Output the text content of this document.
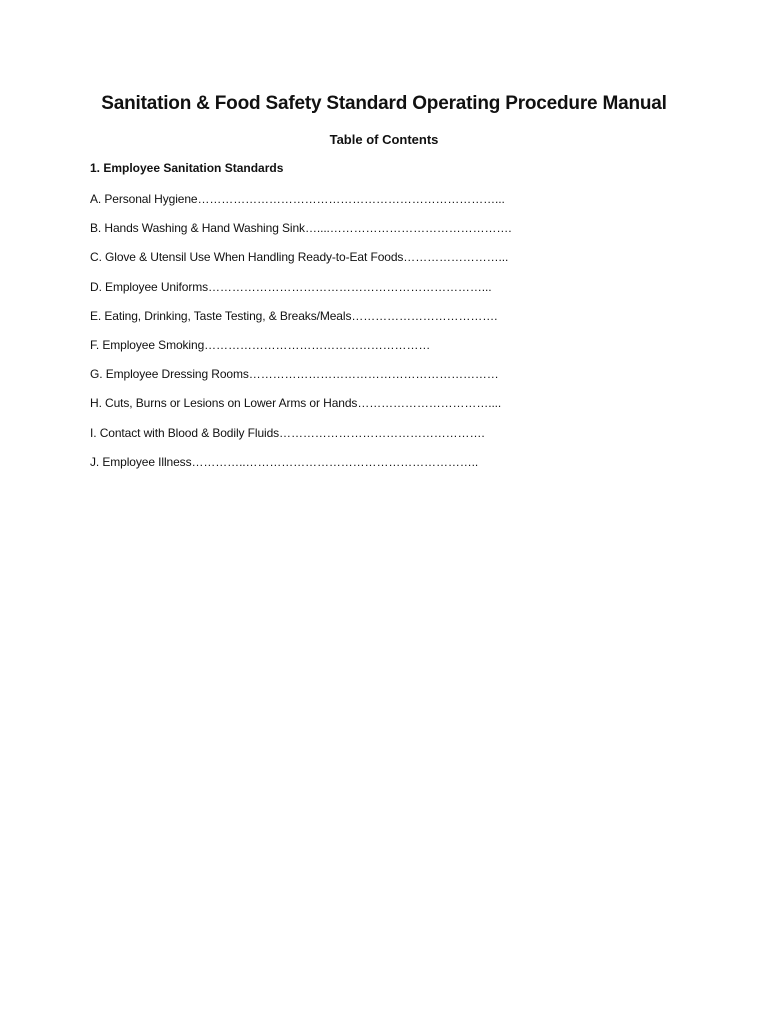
Sanitation & Food Safety Standard Operating Procedure Manual
Table of Contents
1. Employee Sanitation Standards
A. Personal Hygiene…………………………………………………………………...
B. Hands Washing & Hand Washing Sink…....……………………………………….
C. Glove & Utensil Use When Handling Ready-to-Eat Foods……………………...
D. Employee Uniforms……………………………………………………………...
E. Eating, Drinking, Taste Testing, & Breaks/Meals……………………………….
F. Employee Smoking…………………………………………………
G. Employee Dressing Rooms………………………………………………………
H. Cuts, Burns or Lesions on Lower Arms or Hands……………………………....
I. Contact with Blood & Bodily Fluids…………………………………………….
J. Employee Illness…………..…………………………………………………..
